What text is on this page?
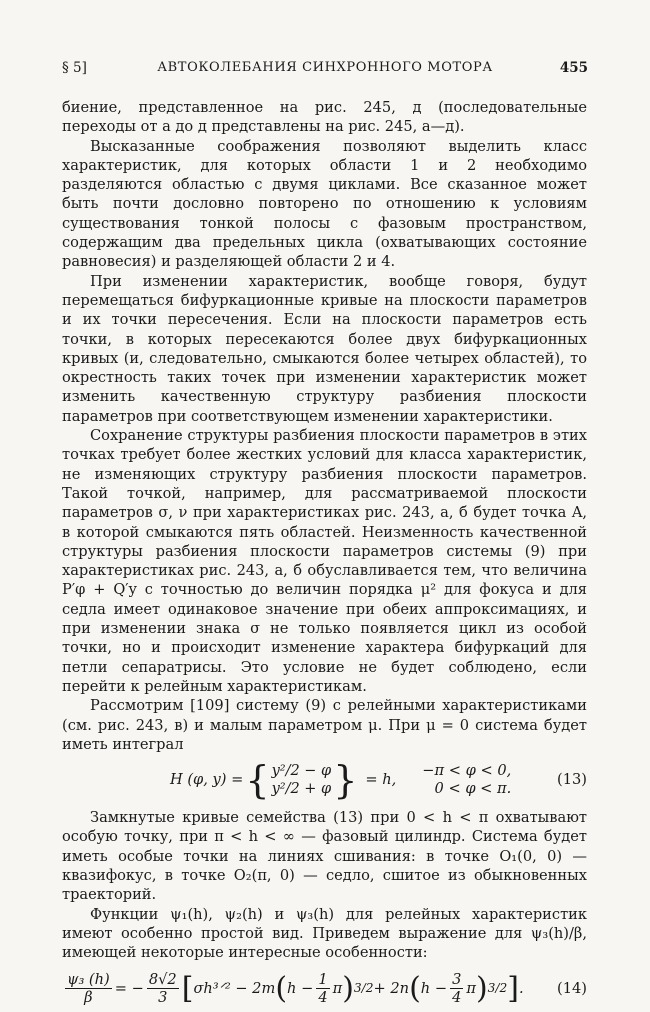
§ 5]	АВТОКОЛЕБАНИЯ СИНХРОННОГО МОТОРА	455

биение, представленное на рис. 245, д (последовательные переходы от а до д представлены на рис. 245, а—д).

Высказанные соображения позволяют выделить класс характеристик, для которых области 1 и 2 необходимо разделяются областью с двумя циклами. Все сказанное может быть почти дословно повторено по отношению к условиям существования тонкой полосы с фазовым пространством, содержащим два предельных цикла (охватывающих состояние равновесия) и разделяющей области 2 и 4.

При изменении характеристик, вообще говоря, будут перемещаться бифуркационные кривые на плоскости параметров и их точки пересечения. Если на плоскости параметров есть точки, в которых пересекаются более двух бифуркационных кривых (и, следовательно, смыкаются более четырех областей), то окрестность таких точек при изменении характеристик может изменить качественную структуру разбиения плоскости параметров при соответствующем изменении характеристики.

Сохранение структуры разбиения плоскости параметров в этих точках требует более жестких условий для класса характеристик, не изменяющих структуру разбиения плоскости параметров. Такой точкой, например, для рассматриваемой плоскости параметров σ, ν при характеристиках рис. 243, а, б будет точка A, в которой смыкаются пять областей. Неизменность качественной структуры разбиения плоскости параметров системы (9) при характеристиках рис. 243, а, б обуславливается тем, что величина P′φ + Q′y с точностью до величин порядка μ² для фокуса и для седла имеет одинаковое значение при обеих аппроксимациях, и при изменении знака σ не только появляется цикл из особой точки, но и происходит изменение характера бифуркаций для петли сепаратрисы. Это условие не будет соблюдено, если перейти к релейным характеристикам.

Рассмотрим [109] систему (9) с релейными характеристиками (см. рис. 243, в) и малым параметром μ. При μ = 0 система будет иметь интеграл

H (φ, y) = { y²/2 − φ
y²/2 + φ } = h,
−π < φ < 0,
0 < φ < π.
(13)

Замкнутые кривые семейства (13) при 0 < h < π охватывают особую точку, при π < h < ∞ — фазовый цилиндр. Система будет иметь особые точки на линиях сшивания: в точке O₁(0, 0) — квазифокус, в точке O₂(π, 0) — седло, сшитое из обыкновенных траекторий.

Функции ψ₁(h), ψ₂(h) и ψ₃(h) для релейных характеристик имеют особенно простой вид. Приведем выражение для ψ₃(h)/β, имеющей некоторые интересные особенности:

$\frac{\text{ψ₃ (h)}}{\beta}$ = − $\frac{8√2}{3}$ [ σh³ᐟ² − 2m ( $h - \frac{1}{4}$ π ) 3/2 + 2n ( $h - \frac{3}{4}$ π ) 3/2 ] . (14)
